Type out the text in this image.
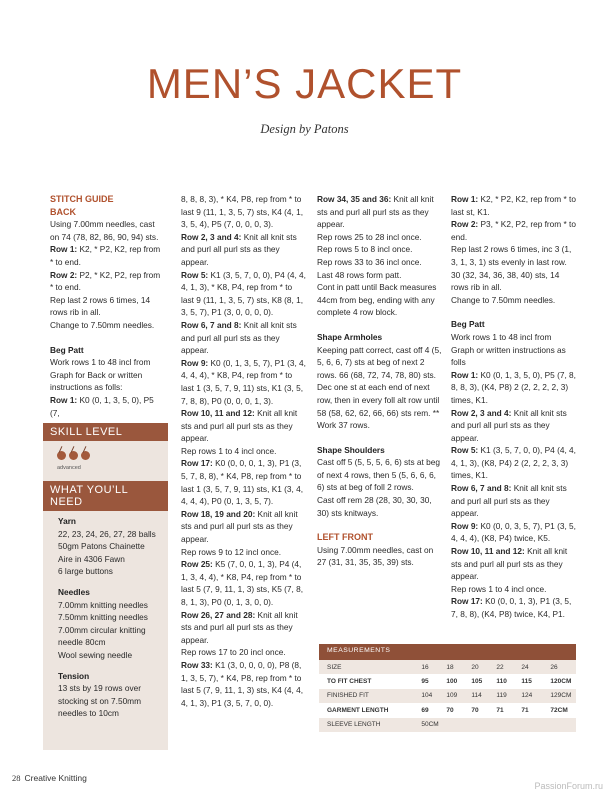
MEN’S JACKET
Design by Patons

STITCH GUIDE

BACK

Using 7.00mm needles, cast on 74 (78, 82, 86, 90, 94) sts.

Row 1: K2, * P2, K2, rep from * to end.

Row 2: P2, * K2, P2, rep from * to end.

Rep last 2 rows 6 times, 14 rows rib in all.

Change to 7.50mm needles.

Beg Patt

Work rows 1 to 48 incl from Graph for Back or written instructions as folls:

Row 1: K0 (0, 1, 3, 5, 0), P5 (7,

SKILL LEVEL
advanced
WHAT YOU’LL NEED

Yarn

22, 23, 24, 26, 27, 28 balls 50gm Patons Chainette Aire in 4306 Fawn

6 large buttons

Needles

7.00mm knitting needles

7.50mm knitting needles

7.00mm circular knitting needle 80cm

Wool sewing needle

Tension

13 sts by 19 rows over stocking st on 7.50mm needles to 10cm

8, 8, 8, 3), * K4, P8, rep from * to last 9 (11, 1, 3, 5, 7) sts, K4 (4, 1, 3, 5, 4), P5 (7, 0, 0, 0, 3).

Row 2, 3 and 4: Knit all knit sts and purl all purl sts as they appear.

Row 5: K1 (3, 5, 7, 0, 0), P4 (4, 4, 4, 1, 3), * K8, P4, rep from * to last 9 (11, 1, 3, 5, 7) sts, K8 (8, 1, 3, 5, 7), P1 (3, 0, 0, 0, 0).

Row 6, 7 and 8: Knit all knit sts and purl all purl sts as they appear.

Row 9: K0 (0, 1, 3, 5, 7), P1 (3, 4, 4, 4, 4), * K8, P4, rep from * to last 1 (3, 5, 7, 9, 11) sts, K1 (3, 5, 7, 8, 8), P0 (0, 0, 0, 1, 3).

Row 10, 11 and 12: Knit all knit sts and purl all purl sts as they appear.

Rep rows 1 to 4 incl once.

Row 17: K0 (0, 0, 0, 1, 3), P1 (3, 5, 7, 8, 8), * K4, P8, rep from * to last 1 (3, 5, 7, 9, 11) sts, K1 (3, 4, 4, 4, 4), P0 (0, 1, 3, 5, 7).

Row 18, 19 and 20: Knit all knit sts and purl all purl sts as they appear.

Rep rows 9 to 12 incl once.

Row 25: K5 (7, 0, 0, 1, 3), P4 (4, 1, 3, 4, 4), * K8, P4, rep from * to last 5 (7, 9, 11, 1, 3) sts, K5 (7, 8, 8, 1, 3), P0 (0, 1, 3, 0, 0).

Row 26, 27 and 28: Knit all knit sts and purl all purl sts as they appear.

Rep rows 17 to 20 incl once.

Row 33: K1 (3, 0, 0, 0, 0), P8 (8, 1, 3, 5, 7), * K4, P8, rep from * to last 5 (7, 9, 11, 1, 3) sts, K4 (4, 4, 4, 1, 3), P1 (3, 5, 7, 0, 0).

Row 34, 35 and 36: Knit all knit sts and purl all purl sts as they appear.

Rep rows 25 to 28 incl once.

Rep rows 5 to 8 incl once.

Rep rows 33 to 36 incl once.

Last 48 rows form patt.

Cont in patt until Back measures 44cm from beg, ending with any complete 4 row block.

Shape Armholes

Keeping patt correct, cast off 4 (5, 5, 6, 6, 7) sts at beg of next 2 rows. 66 (68, 72, 74, 78, 80) sts.

Dec one st at each end of next row, then in every foll alt row until 58 (58, 62, 62, 66, 66) sts rem. **

Work 37 rows.

Shape Shoulders

Cast off 5 (5, 5, 5, 6, 6) sts at beg of next 4 rows, then 5 (5, 6, 6, 6, 6) sts at beg of foll 2 rows.

Cast off rem 28 (28, 30, 30, 30, 30) sts knitways.

LEFT FRONT

Using 7.00mm needles, cast on 27 (31, 31, 35, 35, 39) sts.

Row 1: K2, * P2, K2, rep from * to last st, K1.

Row 2: P3, * K2, P2, rep from * to end.

Rep last 2 rows 6 times, inc 3 (1, 3, 1, 3, 1) sts evenly in last row. 30 (32, 34, 36, 38, 40) sts, 14 rows rib in all.

Change to 7.50mm needles.

Beg Patt

Work rows 1 to 48 incl from Graph or written instructions as folls

Row 1: K0 (0, 1, 3, 5, 0), P5 (7, 8, 8, 8, 3), (K4, P8) 2 (2, 2, 2, 2, 3) times, K1.

Row 2, 3 and 4: Knit all knit sts and purl all purl sts as they appear.

Row 5: K1 (3, 5, 7, 0, 0), P4 (4, 4, 4, 1, 3), (K8, P4) 2 (2, 2, 2, 3, 3) times, K1.

Row 6, 7 and 8: Knit all knit sts and purl all purl sts as they appear.

Row 9: K0 (0, 0, 3, 5, 7), P1 (3, 5, 4, 4, 4), (K8, P4) twice, K5.

Row 10, 11 and 12: Knit all knit sts and purl all purl sts as they appear.

Rep rows 1 to 4 incl once.

Row 17: K0 (0, 0, 1, 3), P1 (3, 5, 7, 8, 8), (K4, P8) twice, K4, P1.

MEASUREMENTS
SIZE	16	18	20	22	24	26
TO FIT CHEST	95	100	105	110	115	120CM
FINISHED FIT	104	109	114	119	124	129CM
GARMENT LENGTH	69	70	70	71	71	72CM
SLEEVE LENGTH	50CM					
28 Creative Knitting
PassionForum.ru
